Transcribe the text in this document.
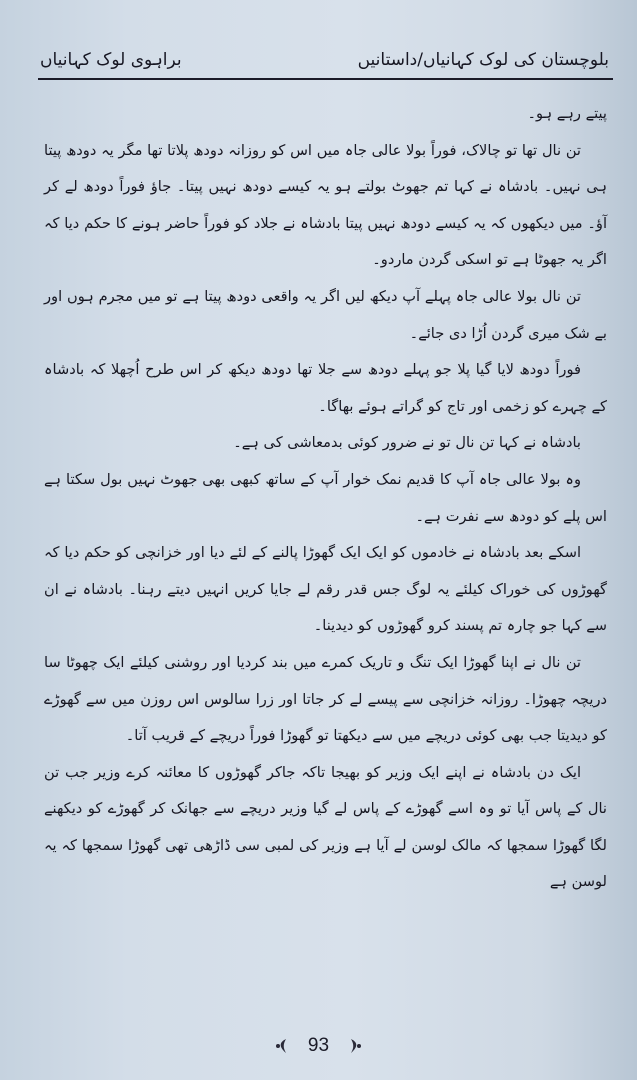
بلوچستان کی لوک کہانیاں/داستانیں
براہوی لوک کہانیاں

پیتے رہے ہو۔

تن نال تھا تو چالاک، فوراً بولا عالی جاہ میں اس کو روزانہ دودھ پلاتا تھا مگر یہ دودھ پیتا ہی نہیں۔ بادشاہ نے کہا تم جھوٹ بولتے ہو یہ کیسے دودھ نہیں پیتا۔ جاؤ فوراً دودھ لے کر آؤ۔ میں دیکھوں کہ یہ کیسے دودھ نہیں پیتا بادشاہ نے جلاد کو فوراً حاضر ہونے کا حکم دیا کہ اگر یہ جھوٹا ہے تو اسکی گردن ماردو۔

تن نال بولا عالی جاہ پہلے آپ دیکھ لیں اگر یہ واقعی دودھ پیتا ہے تو میں مجرم ہوں اور بے شک میری گردن اُڑا دی جائے۔

فوراً دودھ لایا گیا پلا جو پہلے دودھ سے جلا تھا دودھ دیکھ کر اس طرح اُچھلا کہ بادشاہ کے چہرے کو زخمی اور تاج کو گراتے ہوئے بھاگا۔

بادشاہ نے کہا تن نال تو نے ضرور کوئی بدمعاشی کی ہے۔

وہ بولا عالی جاہ آپ کا قدیم نمک خوار آپ کے ساتھ کبھی بھی جھوٹ نہیں بول سکتا ہے اس پلے کو دودھ سے نفرت ہے۔

اسکے بعد بادشاہ نے خادموں کو ایک ایک گھوڑا پالنے کے لئے دیا اور خزانچی کو حکم دیا کہ گھوڑوں کی خوراک کیلئے یہ لوگ جس قدر رقم لے جایا کریں انہیں دیتے رہنا۔ بادشاہ نے ان سے کہا جو چارہ تم پسند کرو گھوڑوں کو دیدینا۔

تن نال نے اپنا گھوڑا ایک تنگ و تاریک کمرے میں بند کردیا اور روشنی کیلئے ایک چھوٹا سا دریچہ چھوڑا۔ روزانہ خزانچی سے پیسے لے کر جاتا اور زرا سالوس اس روزن میں سے گھوڑے کو دیدیتا جب بھی کوئی دریچے میں سے دیکھتا تو گھوڑا فوراً دریچے کے قریب آتا۔

ایک دن بادشاہ نے اپنے ایک وزیر کو بھیجا تاکہ جاکر گھوڑوں کا معائنہ کرے وزیر جب تن نال کے پاس آیا تو وہ اسے گھوڑے کے پاس لے گیا وزیر دریچے سے جھانک کر گھوڑے کو دیکھنے لگا گھوڑا سمجھا کہ مالک لوسن لے آیا ہے وزیر کی لمبی سی ڈاڑھی تھی گھوڑا سمجھا کہ یہ لوسن ہے

93
